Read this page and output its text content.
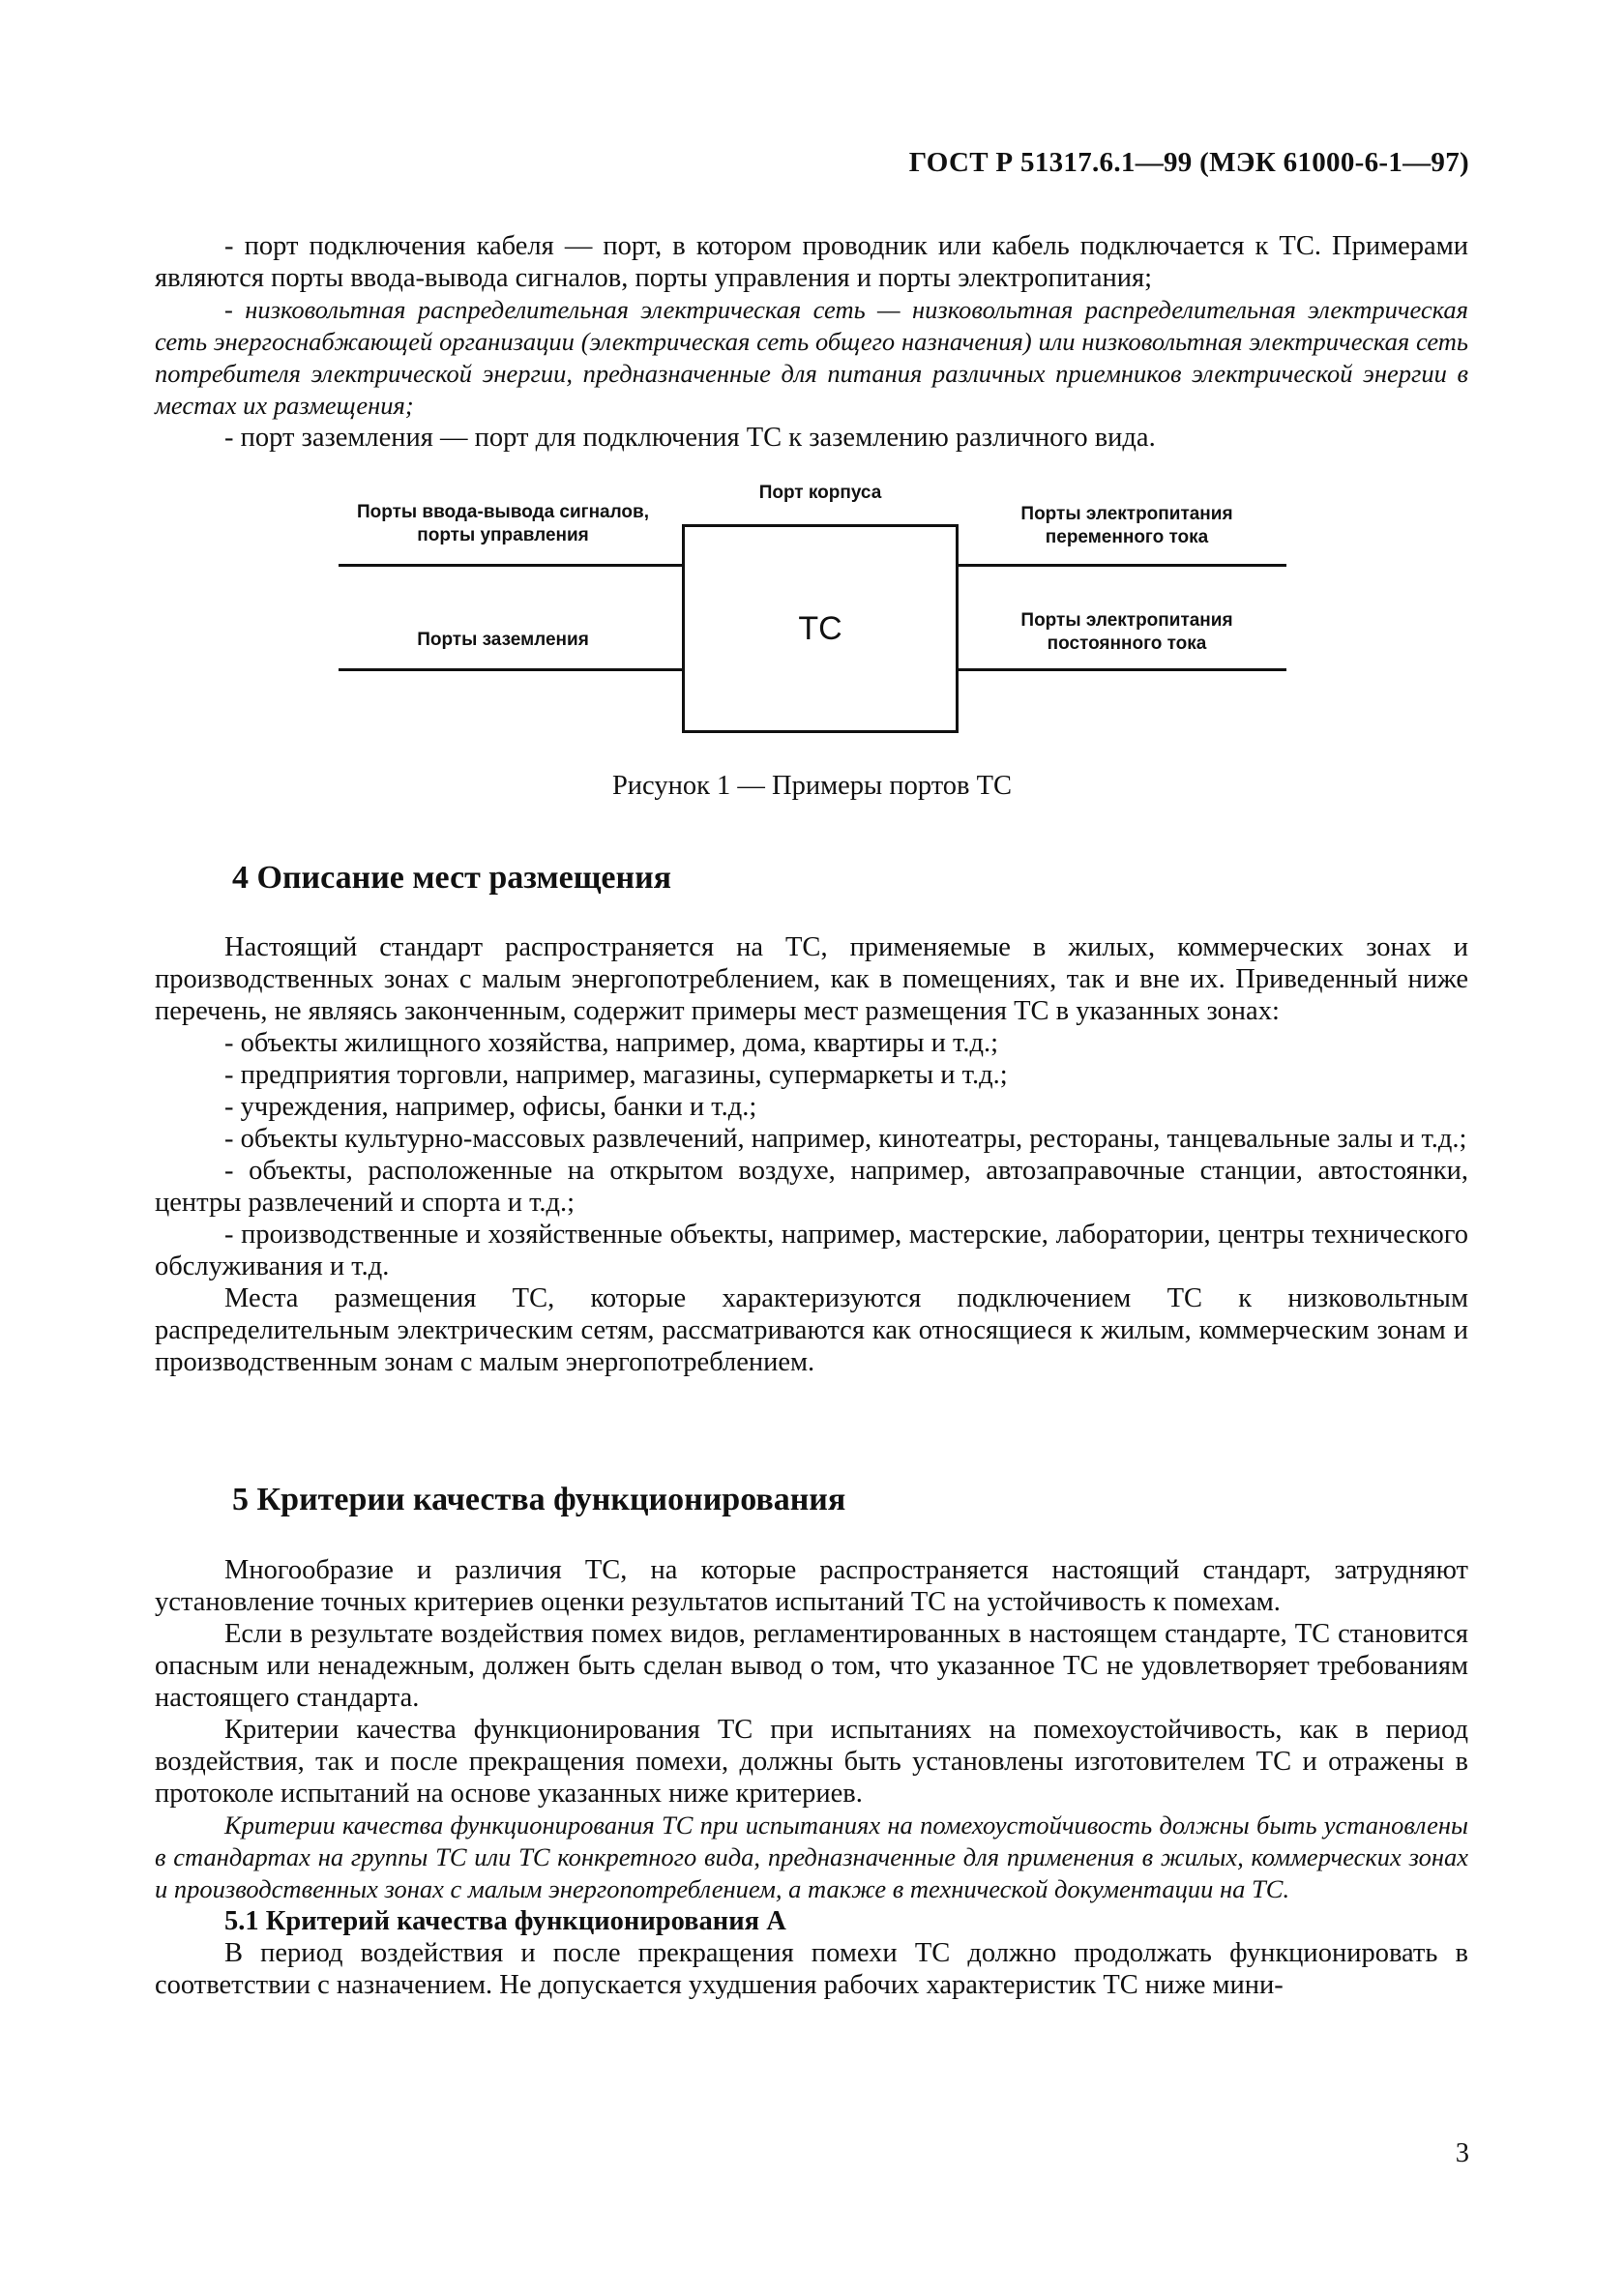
ГОСТ Р 51317.6.1—99 (МЭК 61000-6-1—97)

- порт подключения кабеля — порт, в котором проводник или кабель подключается к ТС. Примерами являются порты ввода-вывода сигналов, порты управления и порты электропитания;

- низковольтная распределительная электрическая сеть — низковольтная распределительная электрическая сеть энергоснабжающей организации (электрическая сеть общего назначения) или низковольтная электрическая сеть потребителя электрической энергии, предназначенные для питания различных приемников электрической энергии в местах их размещения;

- порт заземления — порт для подключения ТС к заземлению различного вида.

Порты ввода-вывода сигналов,
порты управления
Порты заземления
Порт корпуса
ТС
Порты электропитания
переменного тока
Порты электропитания
постоянного тока
Рисунок 1 — Примеры портов ТС
4 Описание мест размещения

Настоящий стандарт распространяется на ТС, применяемые в жилых, коммерческих зонах и производственных зонах с малым энергопотреблением, как в помещениях, так и вне их. Приведенный ниже перечень, не являясь законченным, содержит примеры мест размещения ТС в указанных зонах:

- объекты жилищного хозяйства, например, дома, квартиры и т.д.;

- предприятия торговли, например, магазины, супермаркеты и т.д.;

- учреждения, например, офисы, банки и т.д.;

- объекты культурно-массовых развлечений, например, кинотеатры, рестораны, танцевальные залы и т.д.;

- объекты, расположенные на открытом воздухе, например, автозаправочные станции, автостоянки, центры развлечений и спорта и т.д.;

- производственные и хозяйственные объекты, например, мастерские, лаборатории, центры технического обслуживания и т.д.

Места размещения ТС, которые характеризуются подключением ТС к низковольтным распределительным электрическим сетям, рассматриваются как относящиеся к жилым, коммерческим зонам и производственным зонам с малым энергопотреблением.

5 Критерии качества функционирования

Многообразие и различия ТС, на которые распространяется настоящий стандарт, затрудняют установление точных критериев оценки результатов испытаний ТС на устойчивость к помехам.

Если в результате воздействия помех видов, регламентированных в настоящем стандарте, ТС становится опасным или ненадежным, должен быть сделан вывод о том, что указанное ТС не удовлетворяет требованиям настоящего стандарта.

Критерии качества функционирования ТС при испытаниях на помехоустойчивость, как в период воздействия, так и после прекращения помехи, должны быть установлены изготовителем ТС и отражены в протоколе испытаний на основе указанных ниже критериев.

Критерии качества функционирования ТС при испытаниях на помехоустойчивость должны быть установлены в стандартах на группы ТС или ТС конкретного вида, предназначенные для применения в жилых, коммерческих зонах и производственных зонах с малым энергопотреблением, а также в технической документации на ТС.

5.1 Критерий качества функционирования А

В период воздействия и после прекращения помехи ТС должно продолжать функционировать в соответствии с назначением. Не допускается ухудшения рабочих характеристик ТС ниже мини-

3
